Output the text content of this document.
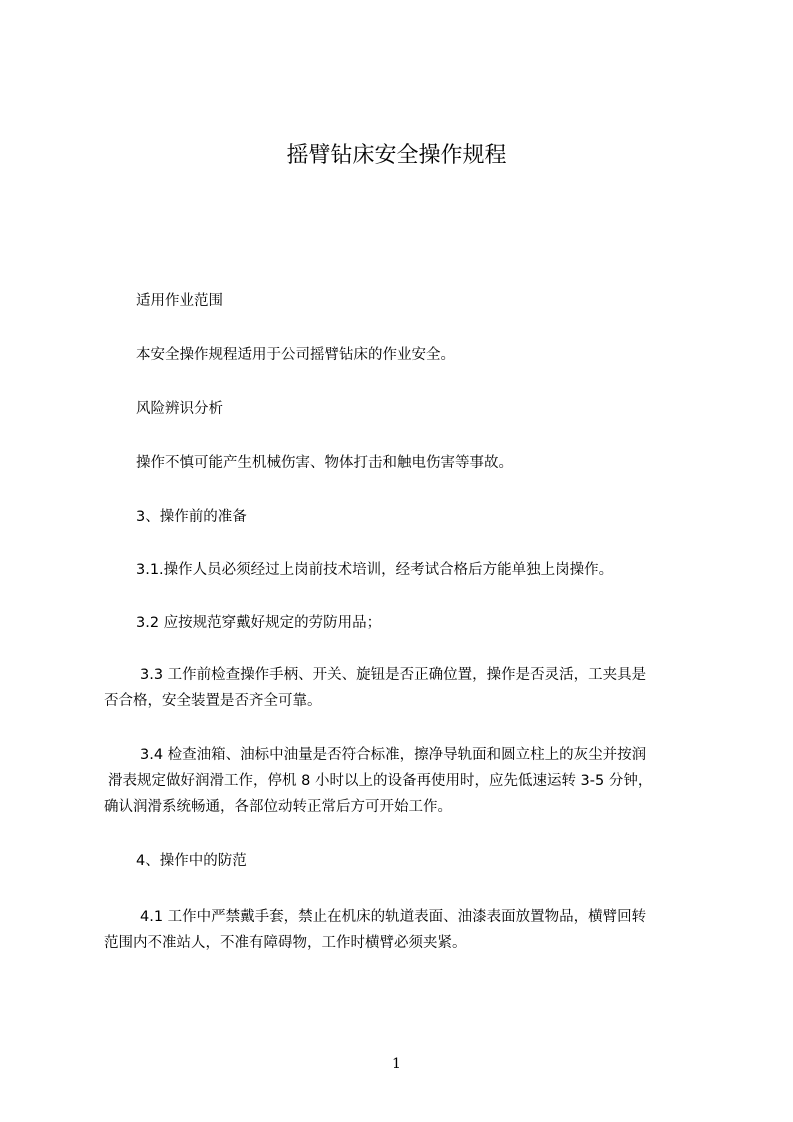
摇臂钻床安全操作规程
适用作业范围
本安全操作规程适用于公司摇臂钻床的作业安全。
风险辨识分析
操作不慎可能产生机械伤害、物体打击和触电伤害等事故。
3、操作前的准备
3.1.操作人员必须经过上岗前技术培训，经考试合格后方能单独上岗操作。
3.2 应按规范穿戴好规定的劳防用品；
3.3 工作前检查操作手柄、开关、旋钮是否正确位置，操作是否灵活，工夹具是
否合格，安全装置是否齐全可靠。
3.4 检查油箱、油标中油量是否符合标准，擦净导轨面和圆立柱上的灰尘并按润
滑表规定做好润滑工作，停机 8 小时以上的设备再使用时，应先低速运转 3-5 分钟，
确认润滑系统畅通，各部位动转正常后方可开始工作。
4、操作中的防范
4.1 工作中严禁戴手套，禁止在机床的轨道表面、油漆表面放置物品，横臂回转
范围内不准站人，不准有障碍物，工作时横臂必须夹紧。
1
